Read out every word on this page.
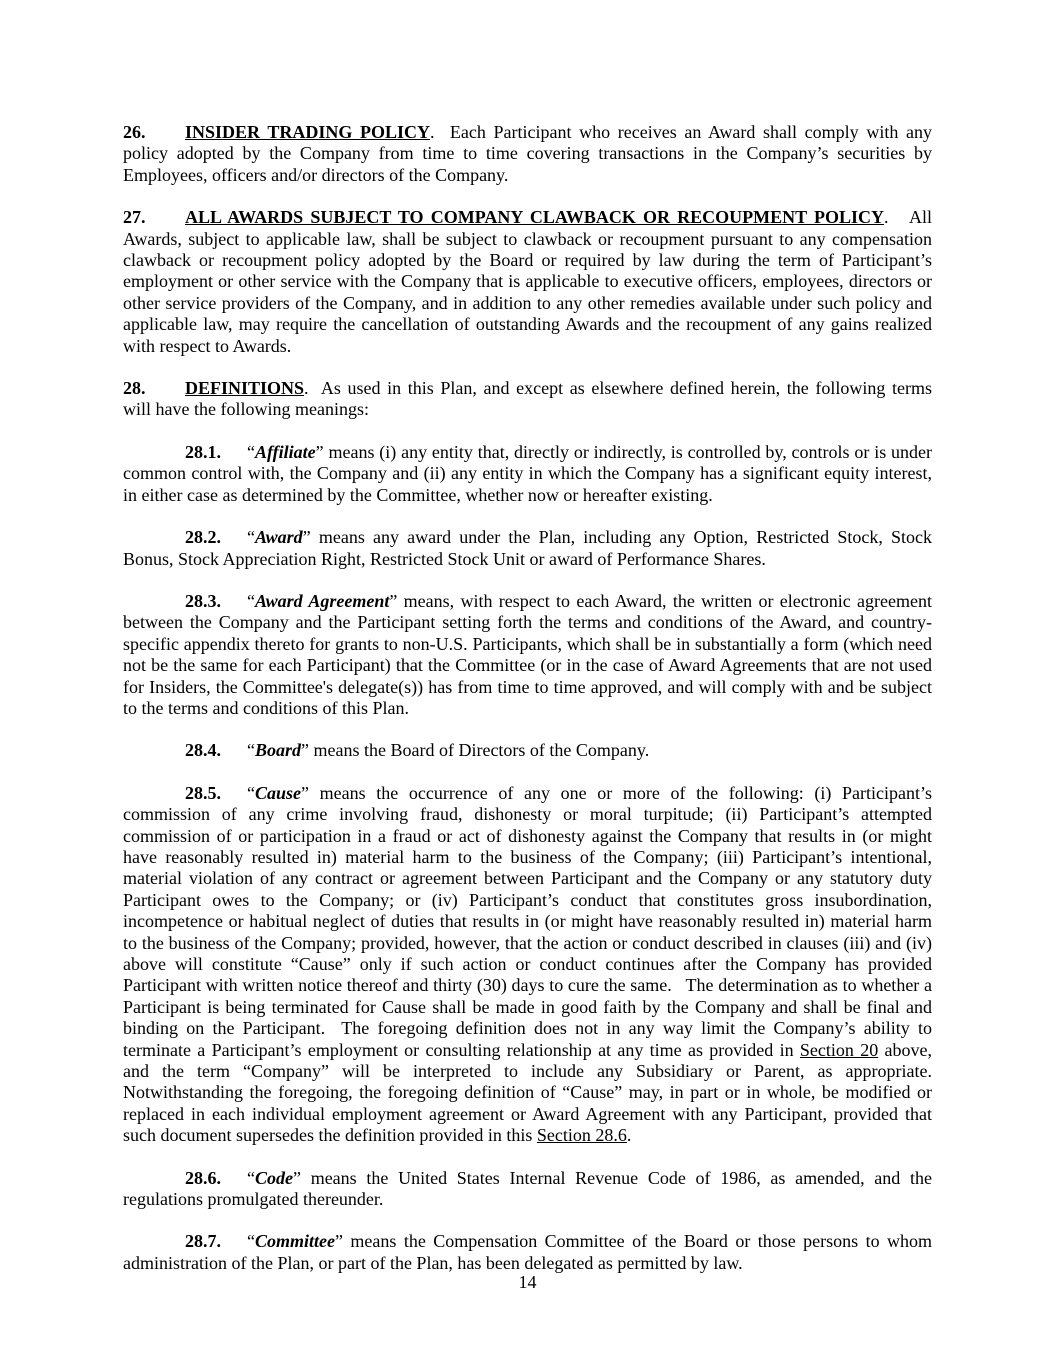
26. INSIDER TRADING POLICY.  Each Participant who receives an Award shall comply with any policy adopted by the Company from time to time covering transactions in the Company’s securities by Employees, officers and/or directors of the Company.

27. ALL AWARDS SUBJECT TO COMPANY CLAWBACK OR RECOUPMENT POLICY.   All Awards, subject to applicable law, shall be subject to clawback or recoupment pursuant to any compensation clawback or recoupment policy adopted by the Board or required by law during the term of Participant’s employment or other service with the Company that is applicable to executive officers, employees, directors or other service providers of the Company, and in addition to any other remedies available under such policy and applicable law, may require the cancellation of outstanding Awards and the recoupment of any gains realized with respect to Awards.

28. DEFINITIONS.  As used in this Plan, and except as elsewhere defined herein, the following terms will have the following meanings:

28.1. “Affiliate” means (i) any entity that, directly or indirectly, is controlled by, controls or is under common control with, the Company and (ii) any entity in which the Company has a significant equity interest, in either case as determined by the Committee, whether now or hereafter existing.

28.2. “Award” means any award under the Plan, including any Option, Restricted Stock, Stock Bonus, Stock Appreciation Right, Restricted Stock Unit or award of Performance Shares.

28.3. “Award Agreement” means, with respect to each Award, the written or electronic agreement between the Company and the Participant setting forth the terms and conditions of the Award, and country-specific appendix thereto for grants to non-U.S. Participants, which shall be in substantially a form (which need not be the same for each Participant) that the Committee (or in the case of Award Agreements that are not used for Insiders, the Committee's delegate(s)) has from time to time approved, and will comply with and be subject to the terms and conditions of this Plan.

28.4. “Board” means the Board of Directors of the Company.

28.5. “Cause” means the occurrence of any one or more of the following: (i) Participant’s commission of any crime involving fraud, dishonesty or moral turpitude; (ii) Participant’s attempted commission of or participation in a fraud or act of dishonesty against the Company that results in (or might have reasonably resulted in) material harm to the business of the Company; (iii) Participant’s intentional, material violation of any contract or agreement between Participant and the Company or any statutory duty Participant owes to the Company; or (iv) Participant’s conduct that constitutes gross insubordination, incompetence or habitual neglect of duties that results in (or might have reasonably resulted in) material harm to the business of the Company; provided, however, that the action or conduct described in clauses (iii) and (iv) above will constitute “Cause” only if such action or conduct continues after the Company has provided Participant with written notice thereof and thirty (30) days to cure the same.   The determination as to whether a Participant is being terminated for Cause shall be made in good faith by the Company and shall be final and binding on the Participant.  The foregoing definition does not in any way limit the Company’s ability to terminate a Participant’s employment or consulting relationship at any time as provided in Section 20 above, and the term “Company” will be interpreted to include any Subsidiary or Parent, as appropriate. Notwithstanding the foregoing, the foregoing definition of “Cause” may, in part or in whole, be modified or replaced in each individual employment agreement or Award Agreement with any Participant, provided that such document supersedes the definition provided in this Section 28.6.

28.6. “Code” means the United States Internal Revenue Code of 1986, as amended, and the regulations promulgated thereunder.

28.7. “Committee” means the Compensation Committee of the Board or those persons to whom administration of the Plan, or part of the Plan, has been delegated as permitted by law.

14
